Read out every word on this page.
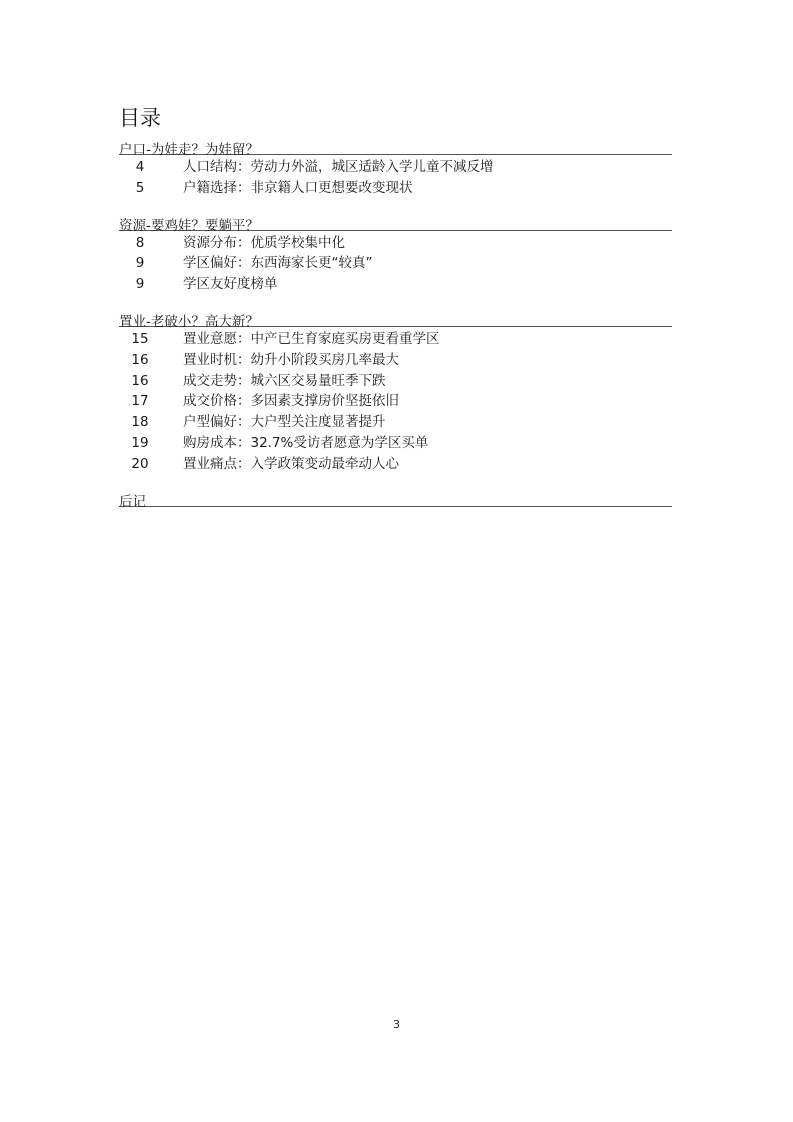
目录
户口-为娃走？为娃留？
4	人口结构：劳动力外溢，城区适龄入学儿童不减反增
5	户籍选择：非京籍人口更想要改变现状
资源-要鸡娃？要躺平？
8	资源分布：优质学校集中化
9	学区偏好：东西海家长更“较真”
9	学区友好度榜单
置业-老破小？高大新？
15	置业意愿：中产已生育家庭买房更看重学区
16	置业时机：幼升小阶段买房几率最大
16	成交走势：城六区交易量旺季下跌
17	成交价格：多因素支撑房价坚挺依旧
18	户型偏好：大户型关注度显著提升
19	购房成本：32.7%受访者愿意为学区买单
20	置业痛点：入学政策变动最牵动人心
后记
3
